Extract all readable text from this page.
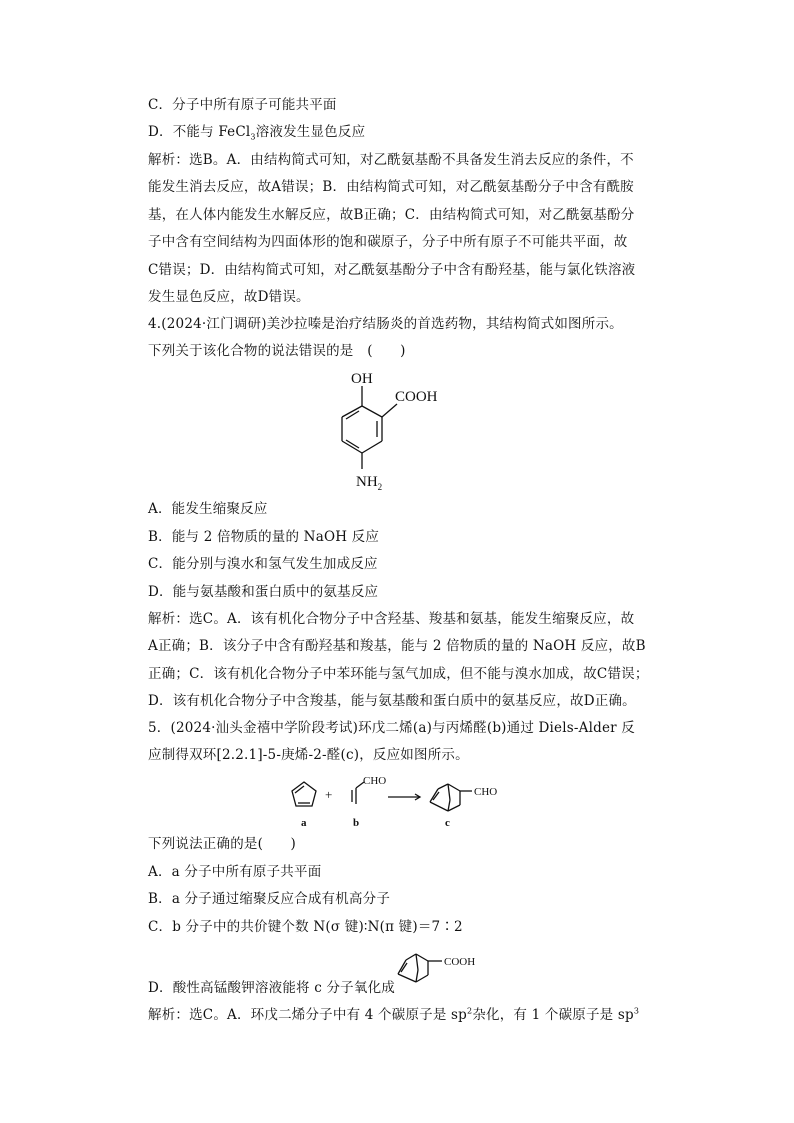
C．分子中所有原子可能共平面
D．不能与 FeCl$_3$溶液发生显色反应
解析：选B。A．由结构简式可知，对乙酰氨基酚不具备发生消去反应的条件，不
能发生消去反应，故A错误；B．由结构简式可知，对乙酰氨基酚分子中含有酰胺
基，在人体内能发生水解反应，故B正确；C．由结构简式可知，对乙酰氨基酚分
子中含有空间结构为四面体形的饱和碳原子，分子中所有原子不可能共平面，故
C错误；D．由结构简式可知，对乙酰氨基酚分子中含有酚羟基，能与氯化铁溶液
发生显色反应，故D错误。
4.(2024·江门调研)美沙拉嗪是治疗结肠炎的首选药物，其结构简式如图所示。
下列关于该化合物的说法错误的是　(　　)
OH
COOH
$NH_2$
A．能发生缩聚反应
B．能与 2 倍物质的量的 NaOH 反应
C．能分别与溴水和氢气发生加成反应
D．能与氨基酸和蛋白质中的氨基反应
解析：选C。A．该有机化合物分子中含羟基、羧基和氨基，能发生缩聚反应，故
A正确；B．该分子中含有酚羟基和羧基，能与 2 倍物质的量的 NaOH 反应，故B
正确；C．该有机化合物分子中苯环能与氢气加成，但不能与溴水加成，故C错误；
D．该有机化合物分子中含羧基，能与氨基酸和蛋白质中的氨基反应，故D正确。
5．(2024·汕头金禧中学阶段考试)环戊二烯(a)与丙烯醛(b)通过 Diels-Alder 反
应制得双环[2.2.1]-5-庚烯-2-醛(c)，反应如图所示。
+
CHO
CHO
a	b	c
下列说法正确的是(　　)
A．a 分子中所有原子共平面
B．a 分子通过缩聚反应合成有机高分子
C．b 分子中的共价键个数 N(σ 键)∶N(π 键)＝7∶2
COOH
D．酸性高锰酸钾溶液能将 c 分子氧化成
解析：选C。A．环戊二烯分子中有 4 个碳原子是 $sp^2$杂化，有 1 个碳原子是 $sp^3$
